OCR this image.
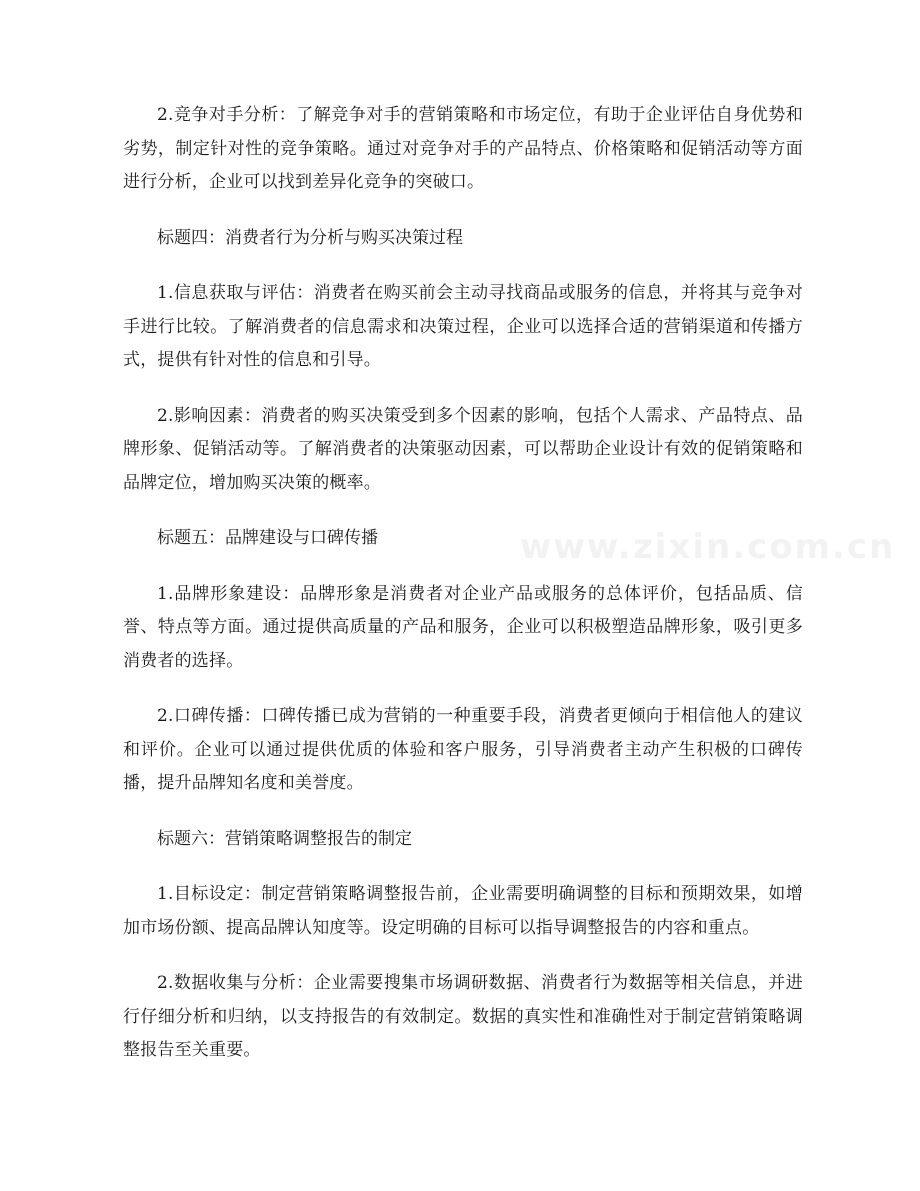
www.zixin.com.cn

2.竞争对手分析：了解竞争对手的营销策略和市场定位，有助于企业评估自身优势和劣势，制定针对性的竞争策略。通过对竞争对手的产品特点、价格策略和促销活动等方面进行分析，企业可以找到差异化竞争的突破口。

标题四：消费者行为分析与购买决策过程

1.信息获取与评估：消费者在购买前会主动寻找商品或服务的信息，并将其与竞争对手进行比较。了解消费者的信息需求和决策过程，企业可以选择合适的营销渠道和传播方式，提供有针对性的信息和引导。

2.影响因素：消费者的购买决策受到多个因素的影响，包括个人需求、产品特点、品牌形象、促销活动等。了解消费者的决策驱动因素，可以帮助企业设计有效的促销策略和品牌定位，增加购买决策的概率。

标题五：品牌建设与口碑传播

1.品牌形象建设：品牌形象是消费者对企业产品或服务的总体评价，包括品质、信誉、特点等方面。通过提供高质量的产品和服务，企业可以积极塑造品牌形象，吸引更多消费者的选择。

2.口碑传播：口碑传播已成为营销的一种重要手段，消费者更倾向于相信他人的建议和评价。企业可以通过提供优质的体验和客户服务，引导消费者主动产生积极的口碑传播，提升品牌知名度和美誉度。

标题六：营销策略调整报告的制定

1.目标设定：制定营销策略调整报告前，企业需要明确调整的目标和预期效果，如增加市场份额、提高品牌认知度等。设定明确的目标可以指导调整报告的内容和重点。

2.数据收集与分析：企业需要搜集市场调研数据、消费者行为数据等相关信息，并进行仔细分析和归纳，以支持报告的有效制定。数据的真实性和准确性对于制定营销策略调整报告至关重要。
